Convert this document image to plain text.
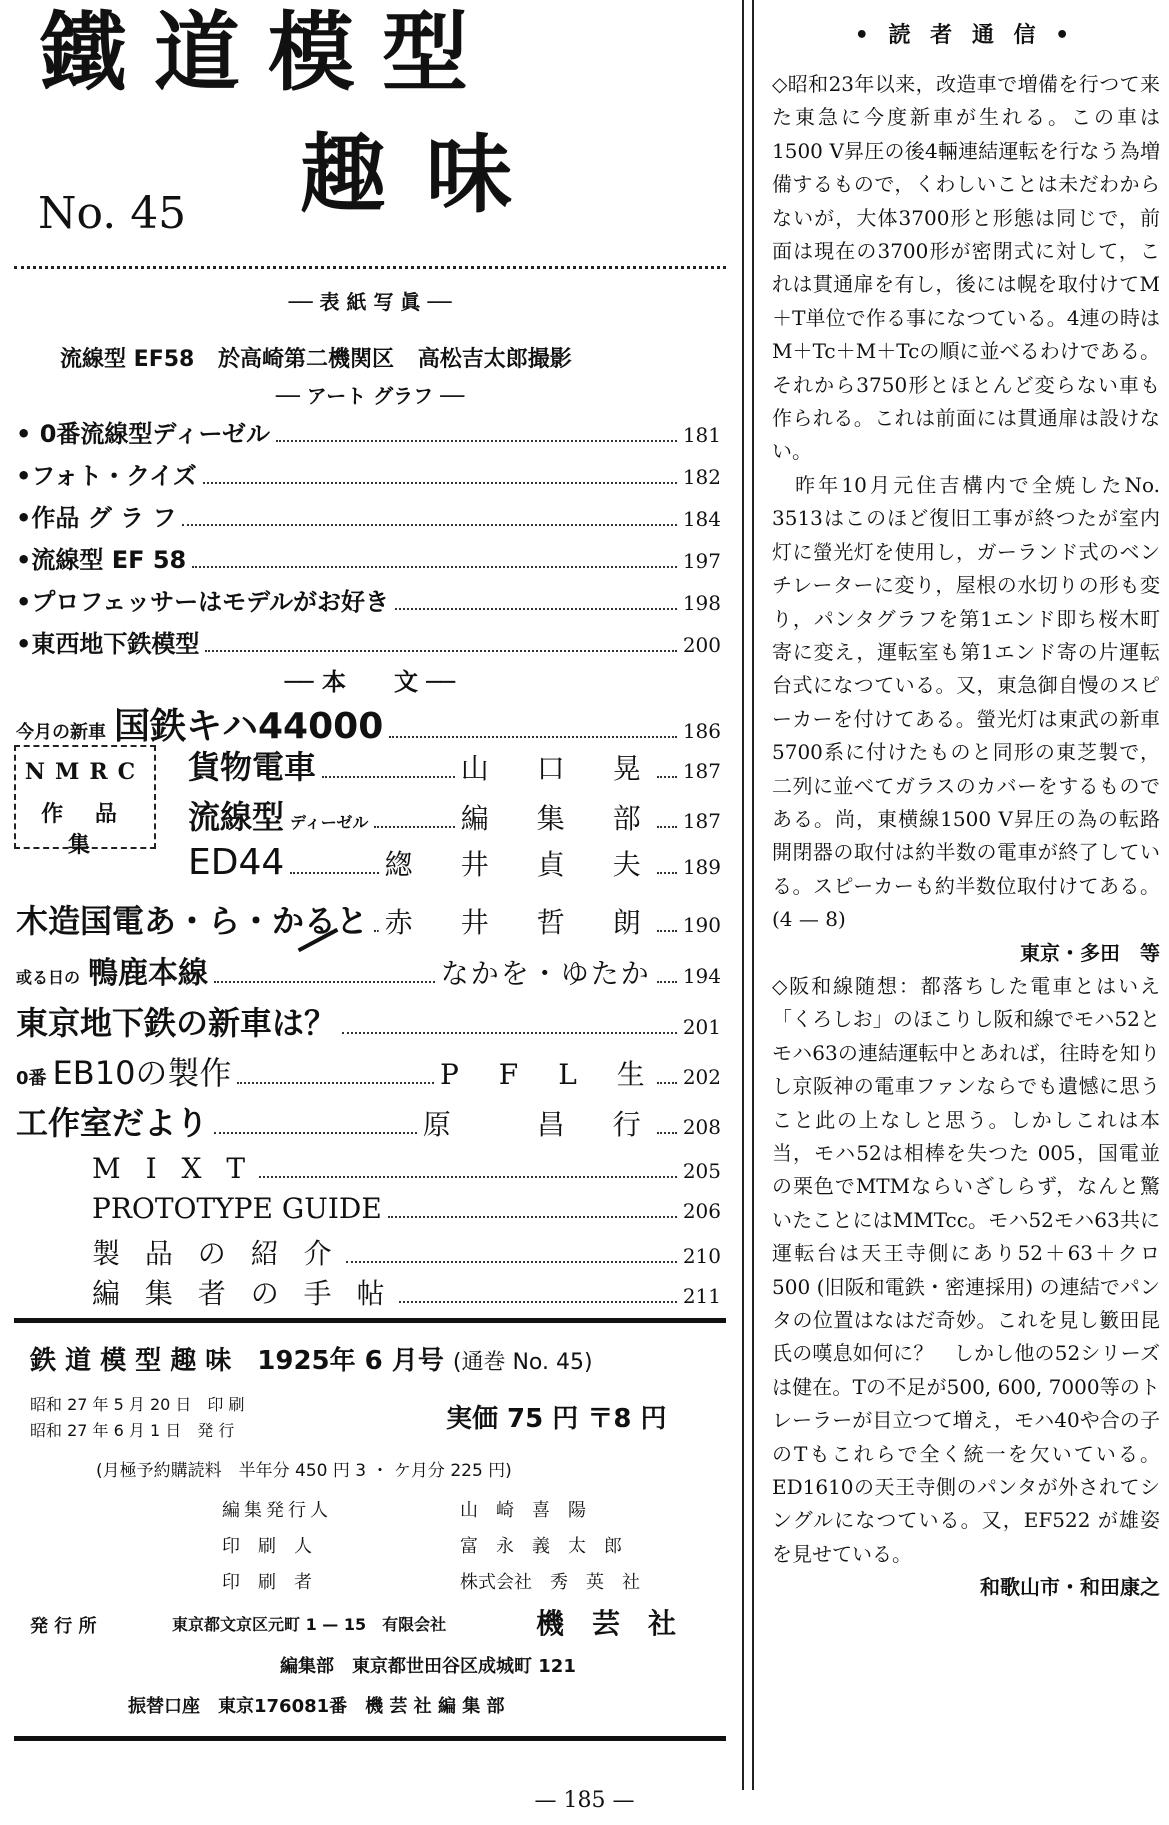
鐵道模型
趣味
No. 45
── 表 紙 写 眞 ──
流線型 EF58 於高崎第二機関区 高松吉太郎撮影
── アート グラフ ──
• 0番流線型ディーゼル	181
•フォト・クイズ	182
•作品 グ ラ フ	184
•流線型 EF 58	197
•プロフェッサーはモデルがお好き	198
•東西地下鉄模型	200
── 本　　文 ──
今月の新車 国鉄キハ44000	186
NMRC
作 品 集
貨物電車	山　口　晃 187
流線型 ディーゼル	編　集　部 187
ED44	緫　井　貞　夫 189
木造国電あ・ら・かると 赤　井　哲　朗 190
或る日の 鴨鹿本線	なかを・ゆたか 194
東京地下鉄の新車は？	201
0番 EB10の製作	P　F　L　生 202
工作室だより	原　　昌　行 208
M I X T	205
PROTOTYPE GUIDE	206
製 品 の 紹 介	210
編 集 者 の 手 帖	211
鉄 道 模 型 趣 味　1925年 6 月号 (通巻 No. 45)
昭和 27 年 5 月 20 日　印 刷
昭和 27 年 6 月 1 日　発 行	実価 75 円 〒8 円
(月極予約購読料　半年分 450 円 3 ・ ケ月分 225 円)
編集発行人	山　崎　喜　陽
印　刷　人	富　永　義　太　郎
印　刷　者	株式会社　秀　英　社
発 行 所	東京都文京区元町 1 — 15　有限会社	機　芸　社
編集部　東京都世田谷区成城町 121
振替口座　東京176081番　機 芸 社 編 集 部
• 読 者 通 信 •

◇昭和23年以来，改造車で増備を行つて来た東急に今度新車が生れる。この車は1500 V昇圧の後4輛連結運転を行なう為増備するもので，くわしいことは未だわからないが，大体3700形と形態は同じで，前面は現在の3700形が密閉式に対して，これは貫通扉を有し，後には幌を取付けてM＋T単位で作る事になつている。4連の時はM＋Tc＋M＋Tcの順に並べるわけである。それから3750形とほとんど変らない車も作られる。これは前面には貫通扉は設けない。

　昨年10月元住吉構内で全焼したNo. 3513はこのほど復旧工事が終つたが室内灯に螢光灯を使用し，ガーランド式のベンチレーターに変り，屋根の水切りの形も変り，パンタグラフを第1エンド即ち桜木町寄に変え，運転室も第1エンド寄の片運転台式になつている。又，東急御自慢のスピーカーを付けてある。螢光灯は東武の新車5700系に付けたものと同形の東芝製で，二列に並べてガラスのカバーをするものである。尚，東横線1500 V昇圧の為の転路開閉器の取付は約半数の電車が終了している。スピーカーも約半数位取付けてある。(4 — 8)

東京・多田　等

◇阪和線随想：都落ちした電車とはいえ「くろしお」のほこりし阪和線でモハ52とモハ63の連結運転中とあれば，往時を知りし京阪神の電車ファンならでも遺憾に思うこと此の上なしと思う。しかしこれは本当，モハ52は相棒を失つた 005，国電並の栗色でMTMならいざしらず，なんと驚いたことにはMMTcc。モハ52モハ63共に運転台は天王寺側にあり52＋63＋クロ500 (旧阪和電鉄・密連採用) の連結でパンタの位置はなはだ奇妙。これを見し籔田昆氏の嘆息如何に？　しかし他の52シリーズは健在。Tの不足が500, 600, 7000等のトレーラーが目立つて増え，モハ40や合の子のTもこれらで全く統一を欠いている。ED1610の天王寺側のパンタが外されてシングルになつている。又，EF522 が雄姿を見せている。

和歌山市・和田康之

— 185 —
